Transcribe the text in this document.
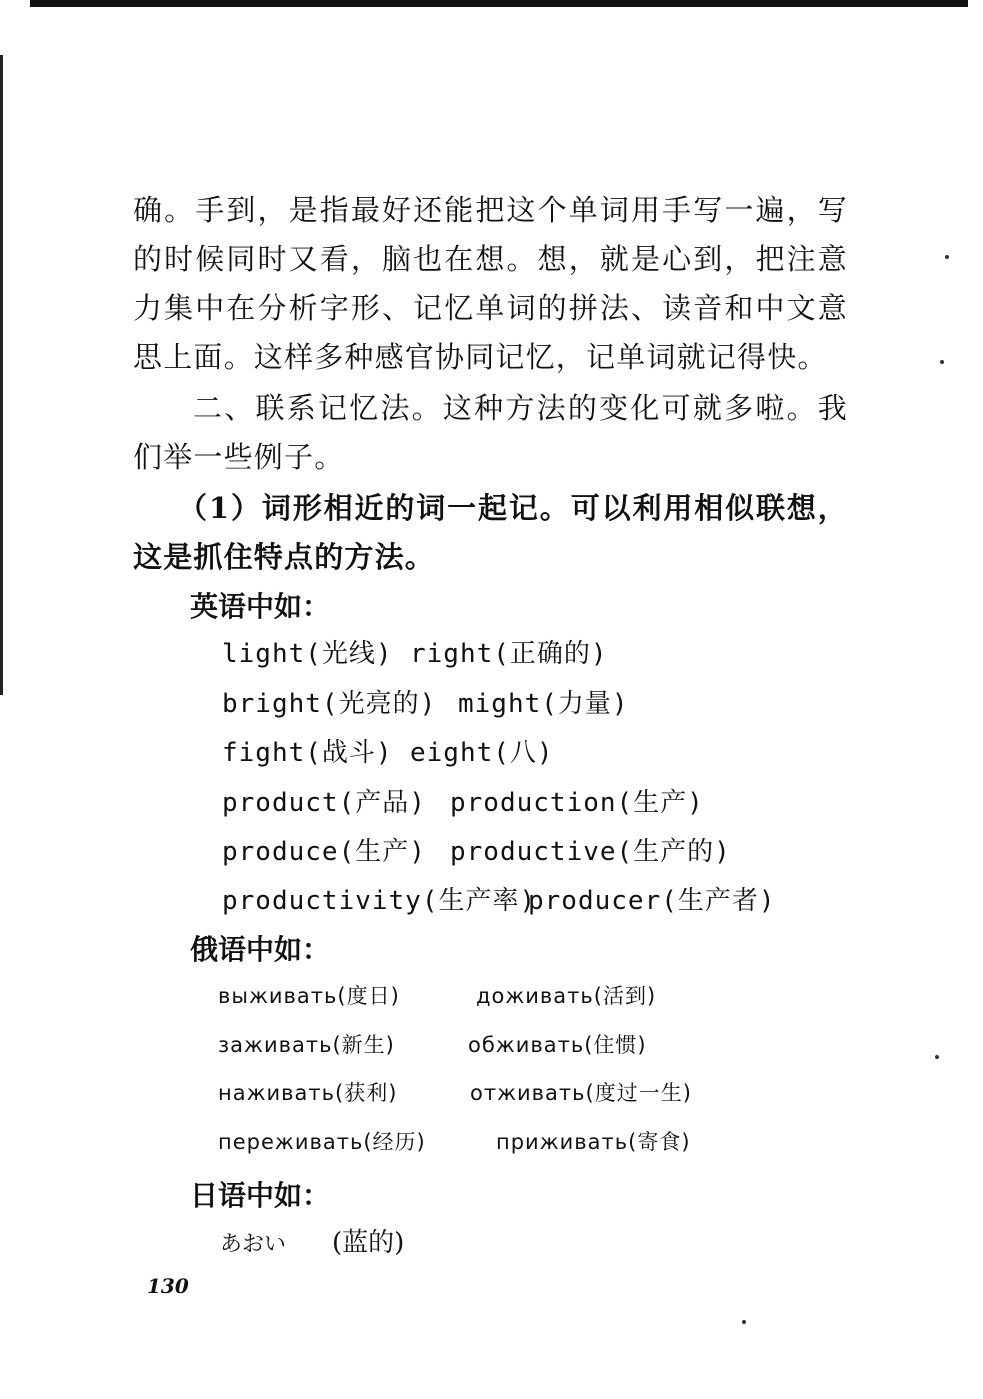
确。手到，是指最好还能把这个单词用手写一遍，写的时候同时又看，脑也在想。想，就是心到，把注意力集中在分析字形、记忆单词的拼法、读音和中文意思上面。这样多种感官协同记忆，记单词就记得快。

二、联系记忆法。这种方法的变化可就多啦。我们举一些例子。

（1）词形相近的词一起记。可以利用相似联想，这是抓住特点的方法。

英语中如：
light(光线) right(正确的)
bright(光亮的) might(力量)
fight(战斗) eight(八)
product(产品) production(生产)
produce(生产) productive(生产的)
productivity(生产率)producer(生产者)
俄语中如：
выживать(度日)	доживать(活到)
заживать(新生)	обживать(住惯)
наживать(获利)	отживать(度过一生)
переживать(经历)	приживать(寄食)
日语中如：
あおい (蓝的)
130
